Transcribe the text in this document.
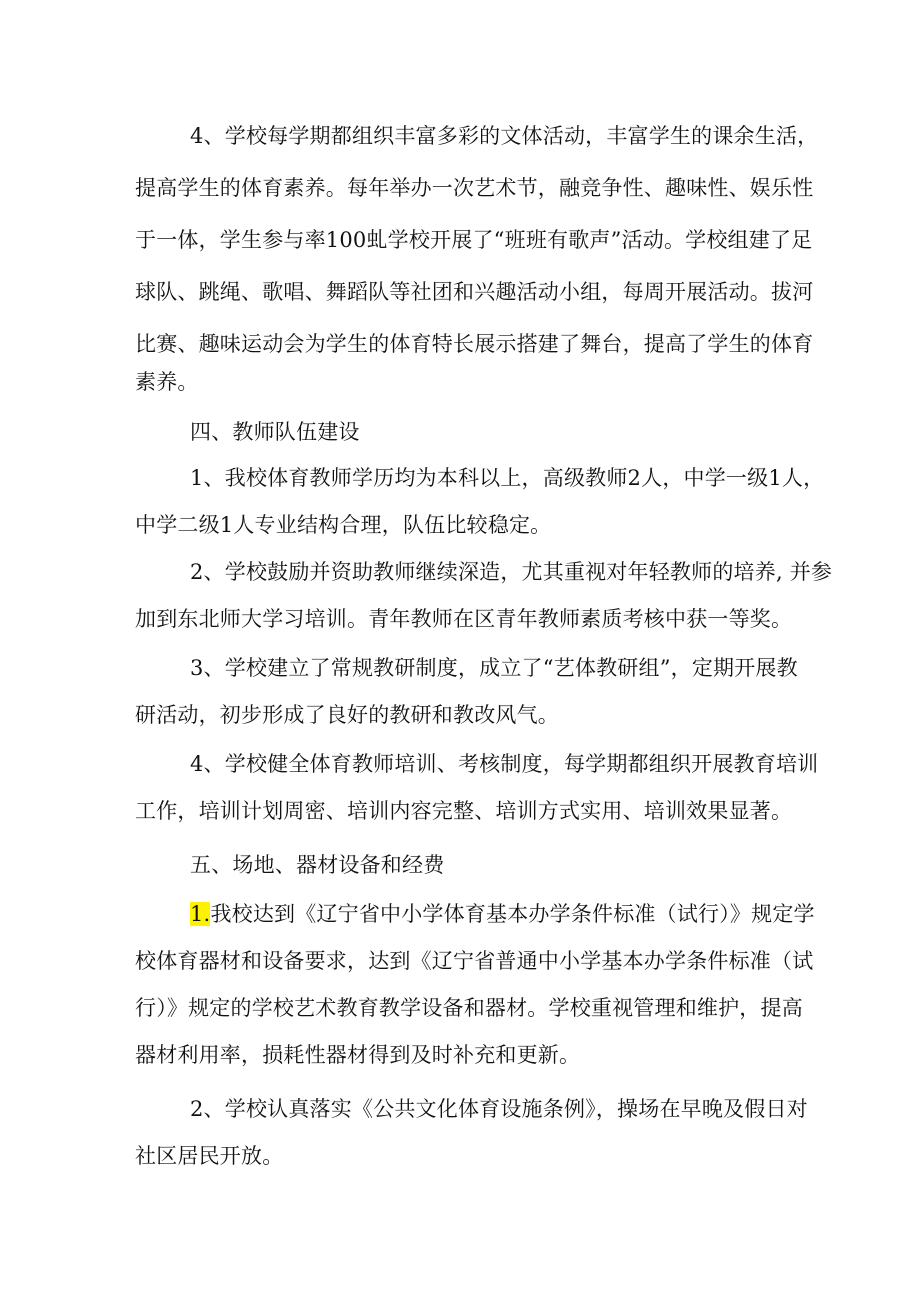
4、学校每学期都组织丰富多彩的文体活动，丰富学生的课余生活，
提高学生的体育素养。每年举办一次艺术节，融竞争性、趣味性、娱乐性
于一体，学生参与率100虬学校开展了“班班有歌声”活动。学校组建了足
球队、跳绳、歌唱、舞蹈队等社团和兴趣活动小组，每周开展活动。拔河
比赛、趣味运动会为学生的体育特长展示搭建了舞台，提高了学生的体育
素养。
四、教师队伍建设
1、我校体育教师学历均为本科以上，高级教师2人，中学一级1人，
中学二级1人专业结构合理，队伍比较稳定。
2、学校鼓励并资助教师继续深造，尤其重视对年轻教师的培养, 并参
加到东北师大学习培训。青年教师在区青年教师素质考核中获一等奖。
3、学校建立了常规教研制度，成立了“艺体教研组”，定期开展教
研活动，初步形成了良好的教研和教改风气。
4、学校健全体育教师培训、考核制度，每学期都组织开展教育培训
工作，培训计划周密、培训内容完整、培训方式实用、培训效果显著。
五、场地、器材设备和经费
1.我校达到《辽宁省中小学体育基本办学条件标准（试行）》规定学
校体育器材和设备要求，达到《辽宁省普通中小学基本办学条件标准（试
行）》规定的学校艺术教育教学设备和器材。学校重视管理和维护，提高
器材利用率，损耗性器材得到及时补充和更新。
2、学校认真落实《公共文化体育设施条例》，操场在早晚及假日对
社区居民开放。
